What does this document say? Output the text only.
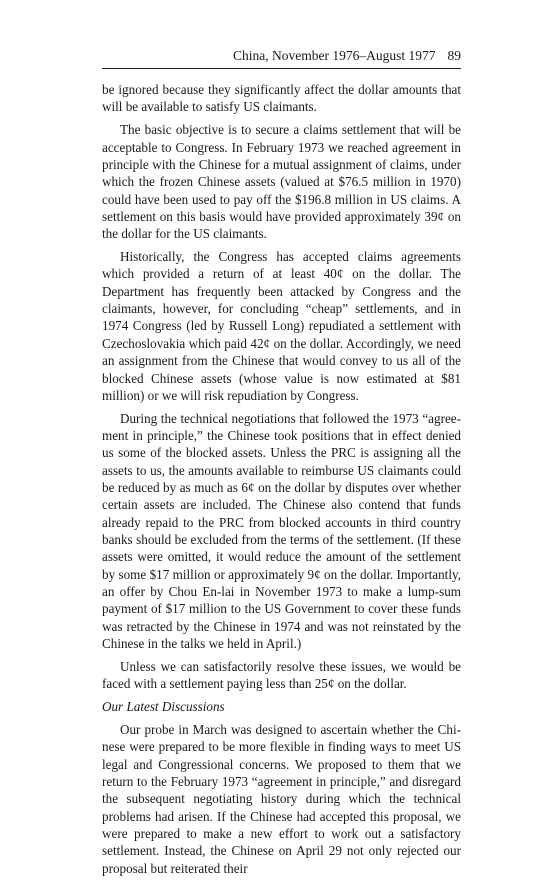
China, November 1976–August 1977 89

be ignored because they significantly affect the dollar amounts that will be available to satisfy US claimants.

The basic objective is to secure a claims settlement that will be acceptable to Congress. In February 1973 we reached agreement in principle with the Chinese for a mutual assignment of claims, under which the frozen Chinese assets (valued at $76.5 million in 1970) could have been used to pay off the $196.8 million in US claims. A settlement on this basis would have provided approximately 39¢ on the dollar for the US claimants.

Historically, the Congress has accepted claims agreements which provided a return of at least 40¢ on the dollar. The Department has frequently been attacked by Congress and the claimants, however, for concluding “cheap” settlements, and in 1974 Congress (led by Russell Long) repudiated a settlement with Czechoslovakia which paid 42¢ on the dollar. Accordingly, we need an assignment from the Chinese that would convey to us all of the blocked Chinese assets (whose value is now estimated at $81 million) or we will risk repudiation by Congress.

During the technical negotiations that followed the 1973 “agreement in principle,” the Chinese took positions that in effect denied us some of the blocked assets. Unless the PRC is assigning all the assets to us, the amounts available to reimburse US claimants could be reduced by as much as 6¢ on the dollar by disputes over whether certain assets are included. The Chinese also contend that funds already repaid to the PRC from blocked accounts in third country banks should be excluded from the terms of the settlement. (If these assets were omitted, it would reduce the amount of the settlement by some $17 million or approximately 9¢ on the dollar. Importantly, an offer by Chou En-lai in November 1973 to make a lump-sum payment of $17 million to the US Government to cover these funds was retracted by the Chinese in 1974 and was not reinstated by the Chinese in the talks we held in April.)

Unless we can satisfactorily resolve these issues, we would be faced with a settlement paying less than 25¢ on the dollar.

Our Latest Discussions

Our probe in March was designed to ascertain whether the Chinese were prepared to be more flexible in finding ways to meet US legal and Congressional concerns. We proposed to them that we return to the February 1973 “agreement in principle,” and disregard the subsequent negotiating history during which the technical problems had arisen. If the Chinese had accepted this proposal, we were prepared to make a new effort to work out a satisfactory settlement. Instead, the Chinese on April 29 not only rejected our proposal but reiterated their
